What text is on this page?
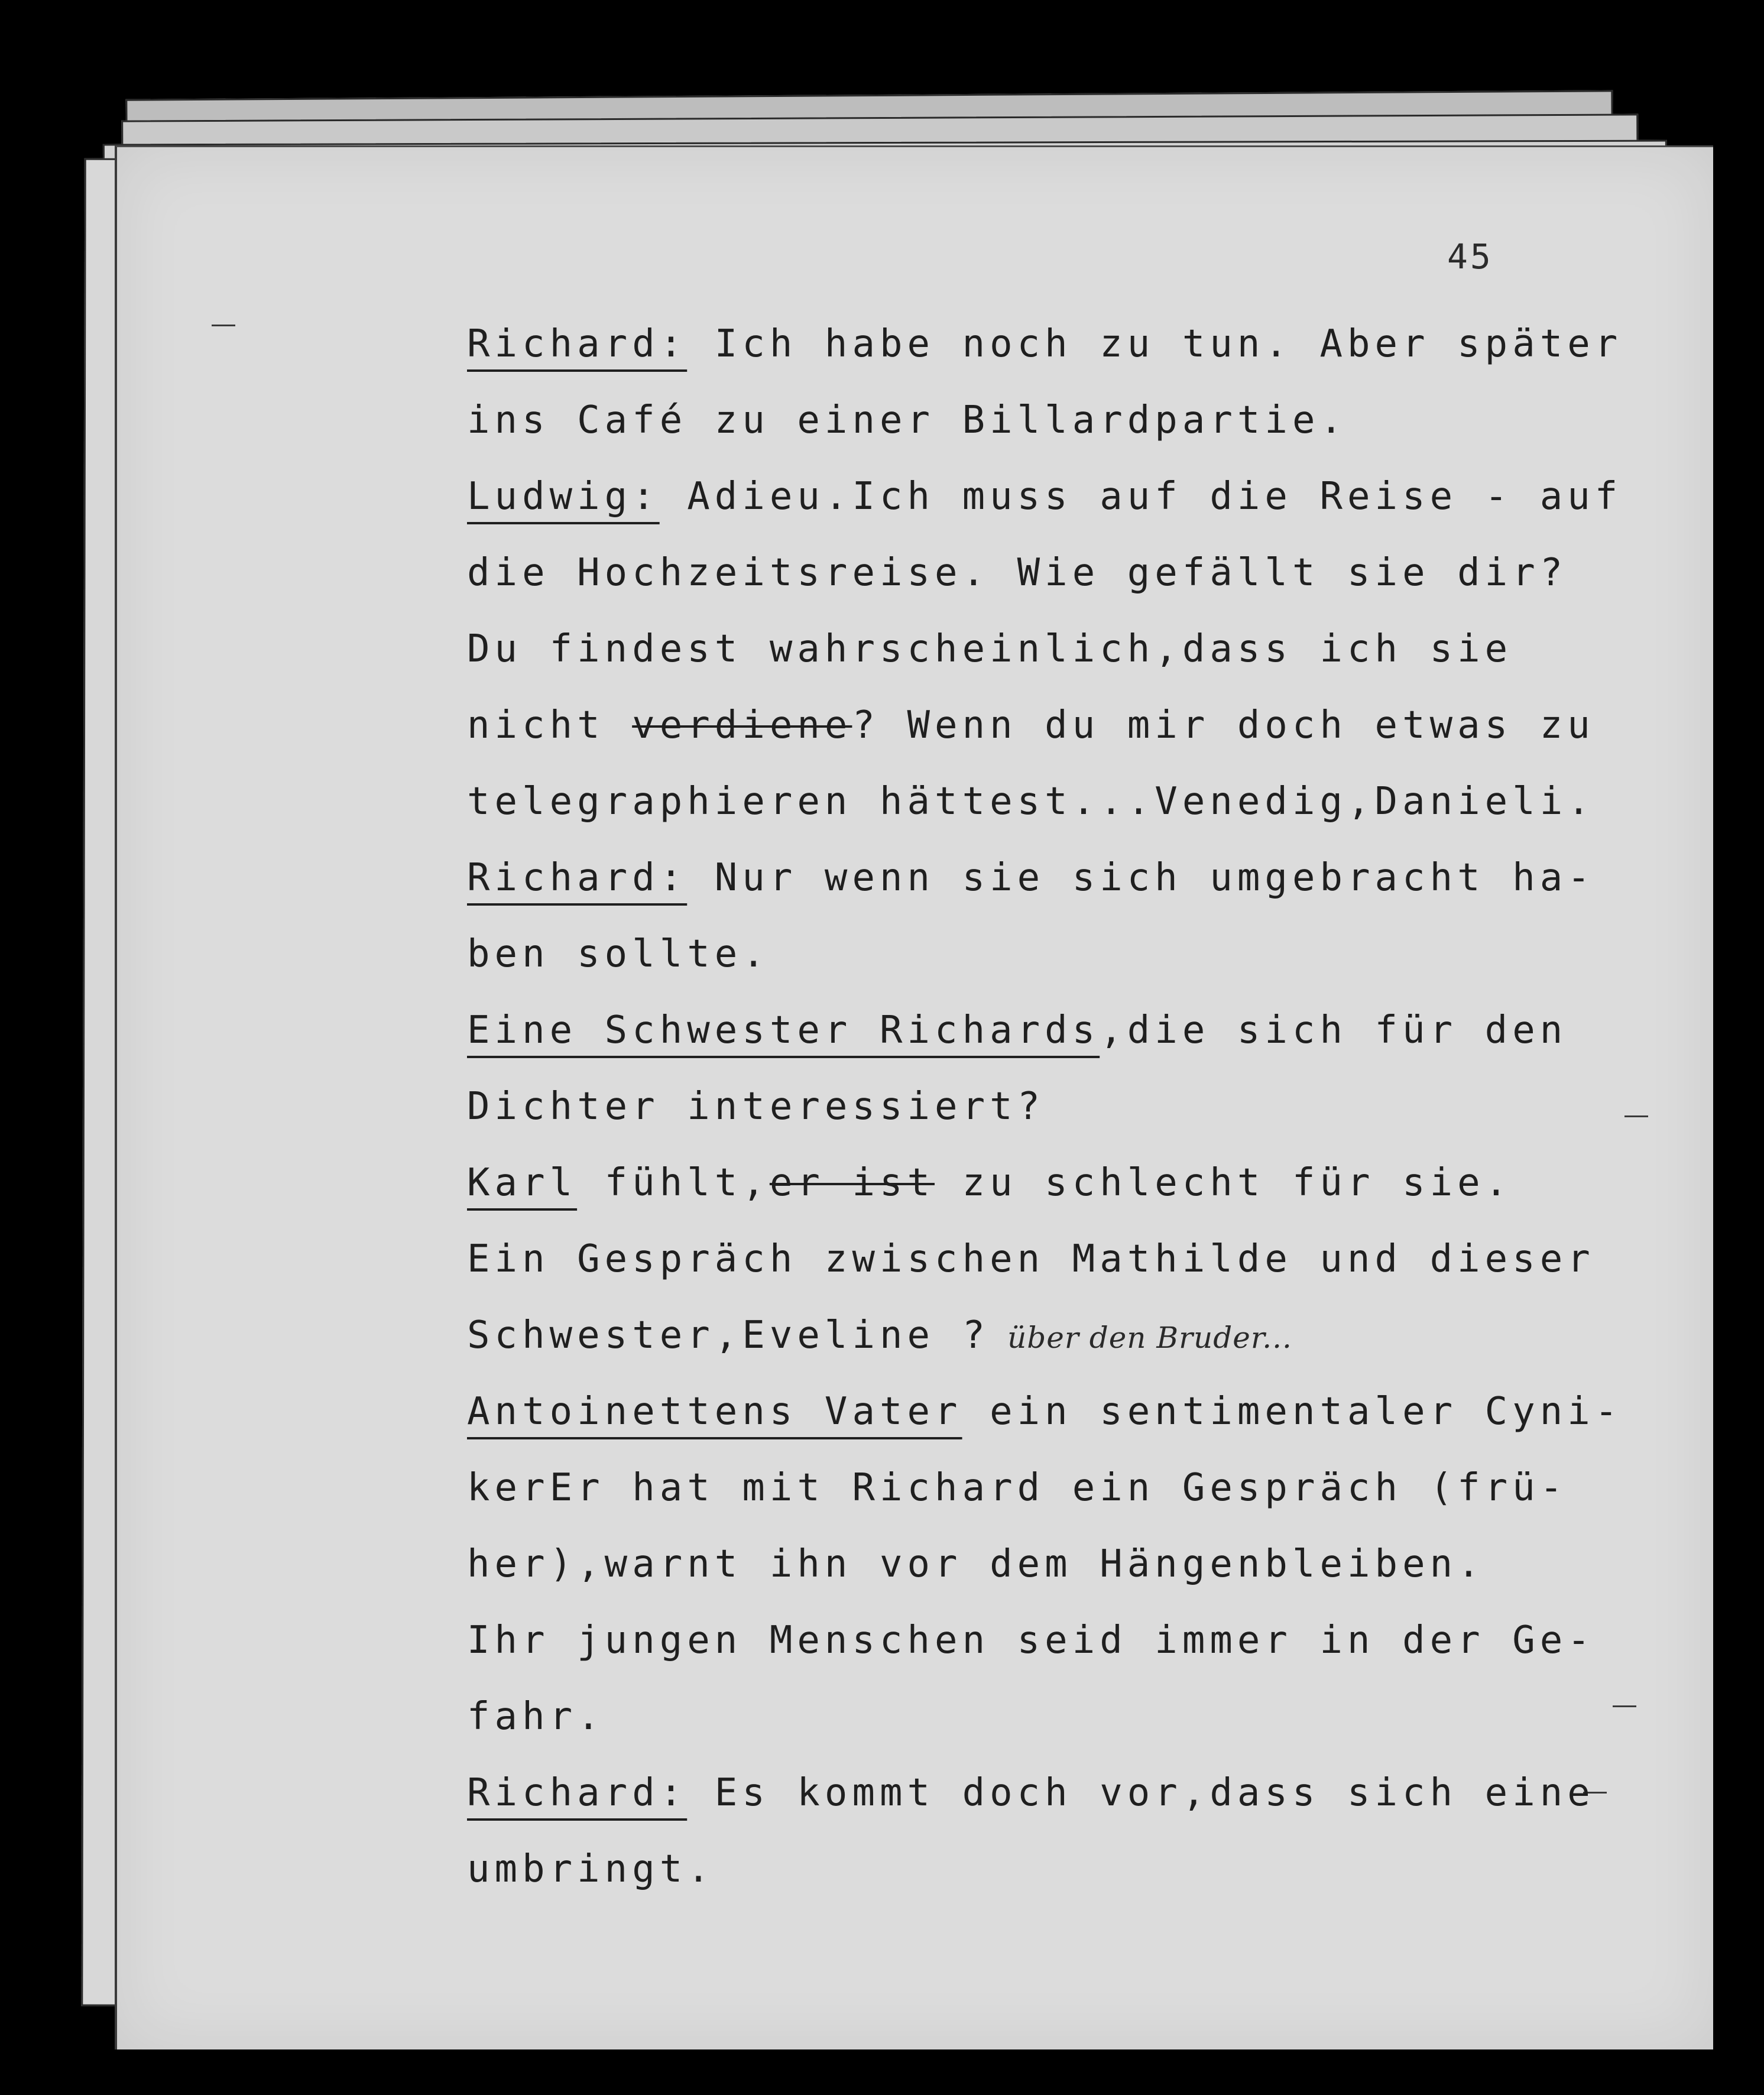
45
Richard: Ich habe noch zu tun. Aber später
ins Café zu einer Billardpartie.
Ludwig: Adieu.Ich muss auf die Reise - auf
die Hochzeitsreise. Wie gefällt sie dir?
Du findest wahrscheinlich,dass ich sie
nicht verdiene? Wenn du mir doch etwas zu
telegraphieren hättest...Venedig,Danieli.
Richard: Nur wenn sie sich umgebracht ha-
ben sollte.
Eine Schwester Richards,die sich für den
Dichter interessiert?
Karl fühlt,er ist zu schlecht für sie.
Ein Gespräch zwischen Mathilde und dieser
Schwester,Eveline ? über den Bruder...
Antoinettens Vater ein sentimentaler Cyni-
kerEr hat mit Richard ein Gespräch (frü-
her),warnt ihn vor dem Hängenbleiben.
Ihr jungen Menschen seid immer in der Ge-
fahr.
Richard: Es kommt doch vor,dass sich eine
umbringt.
